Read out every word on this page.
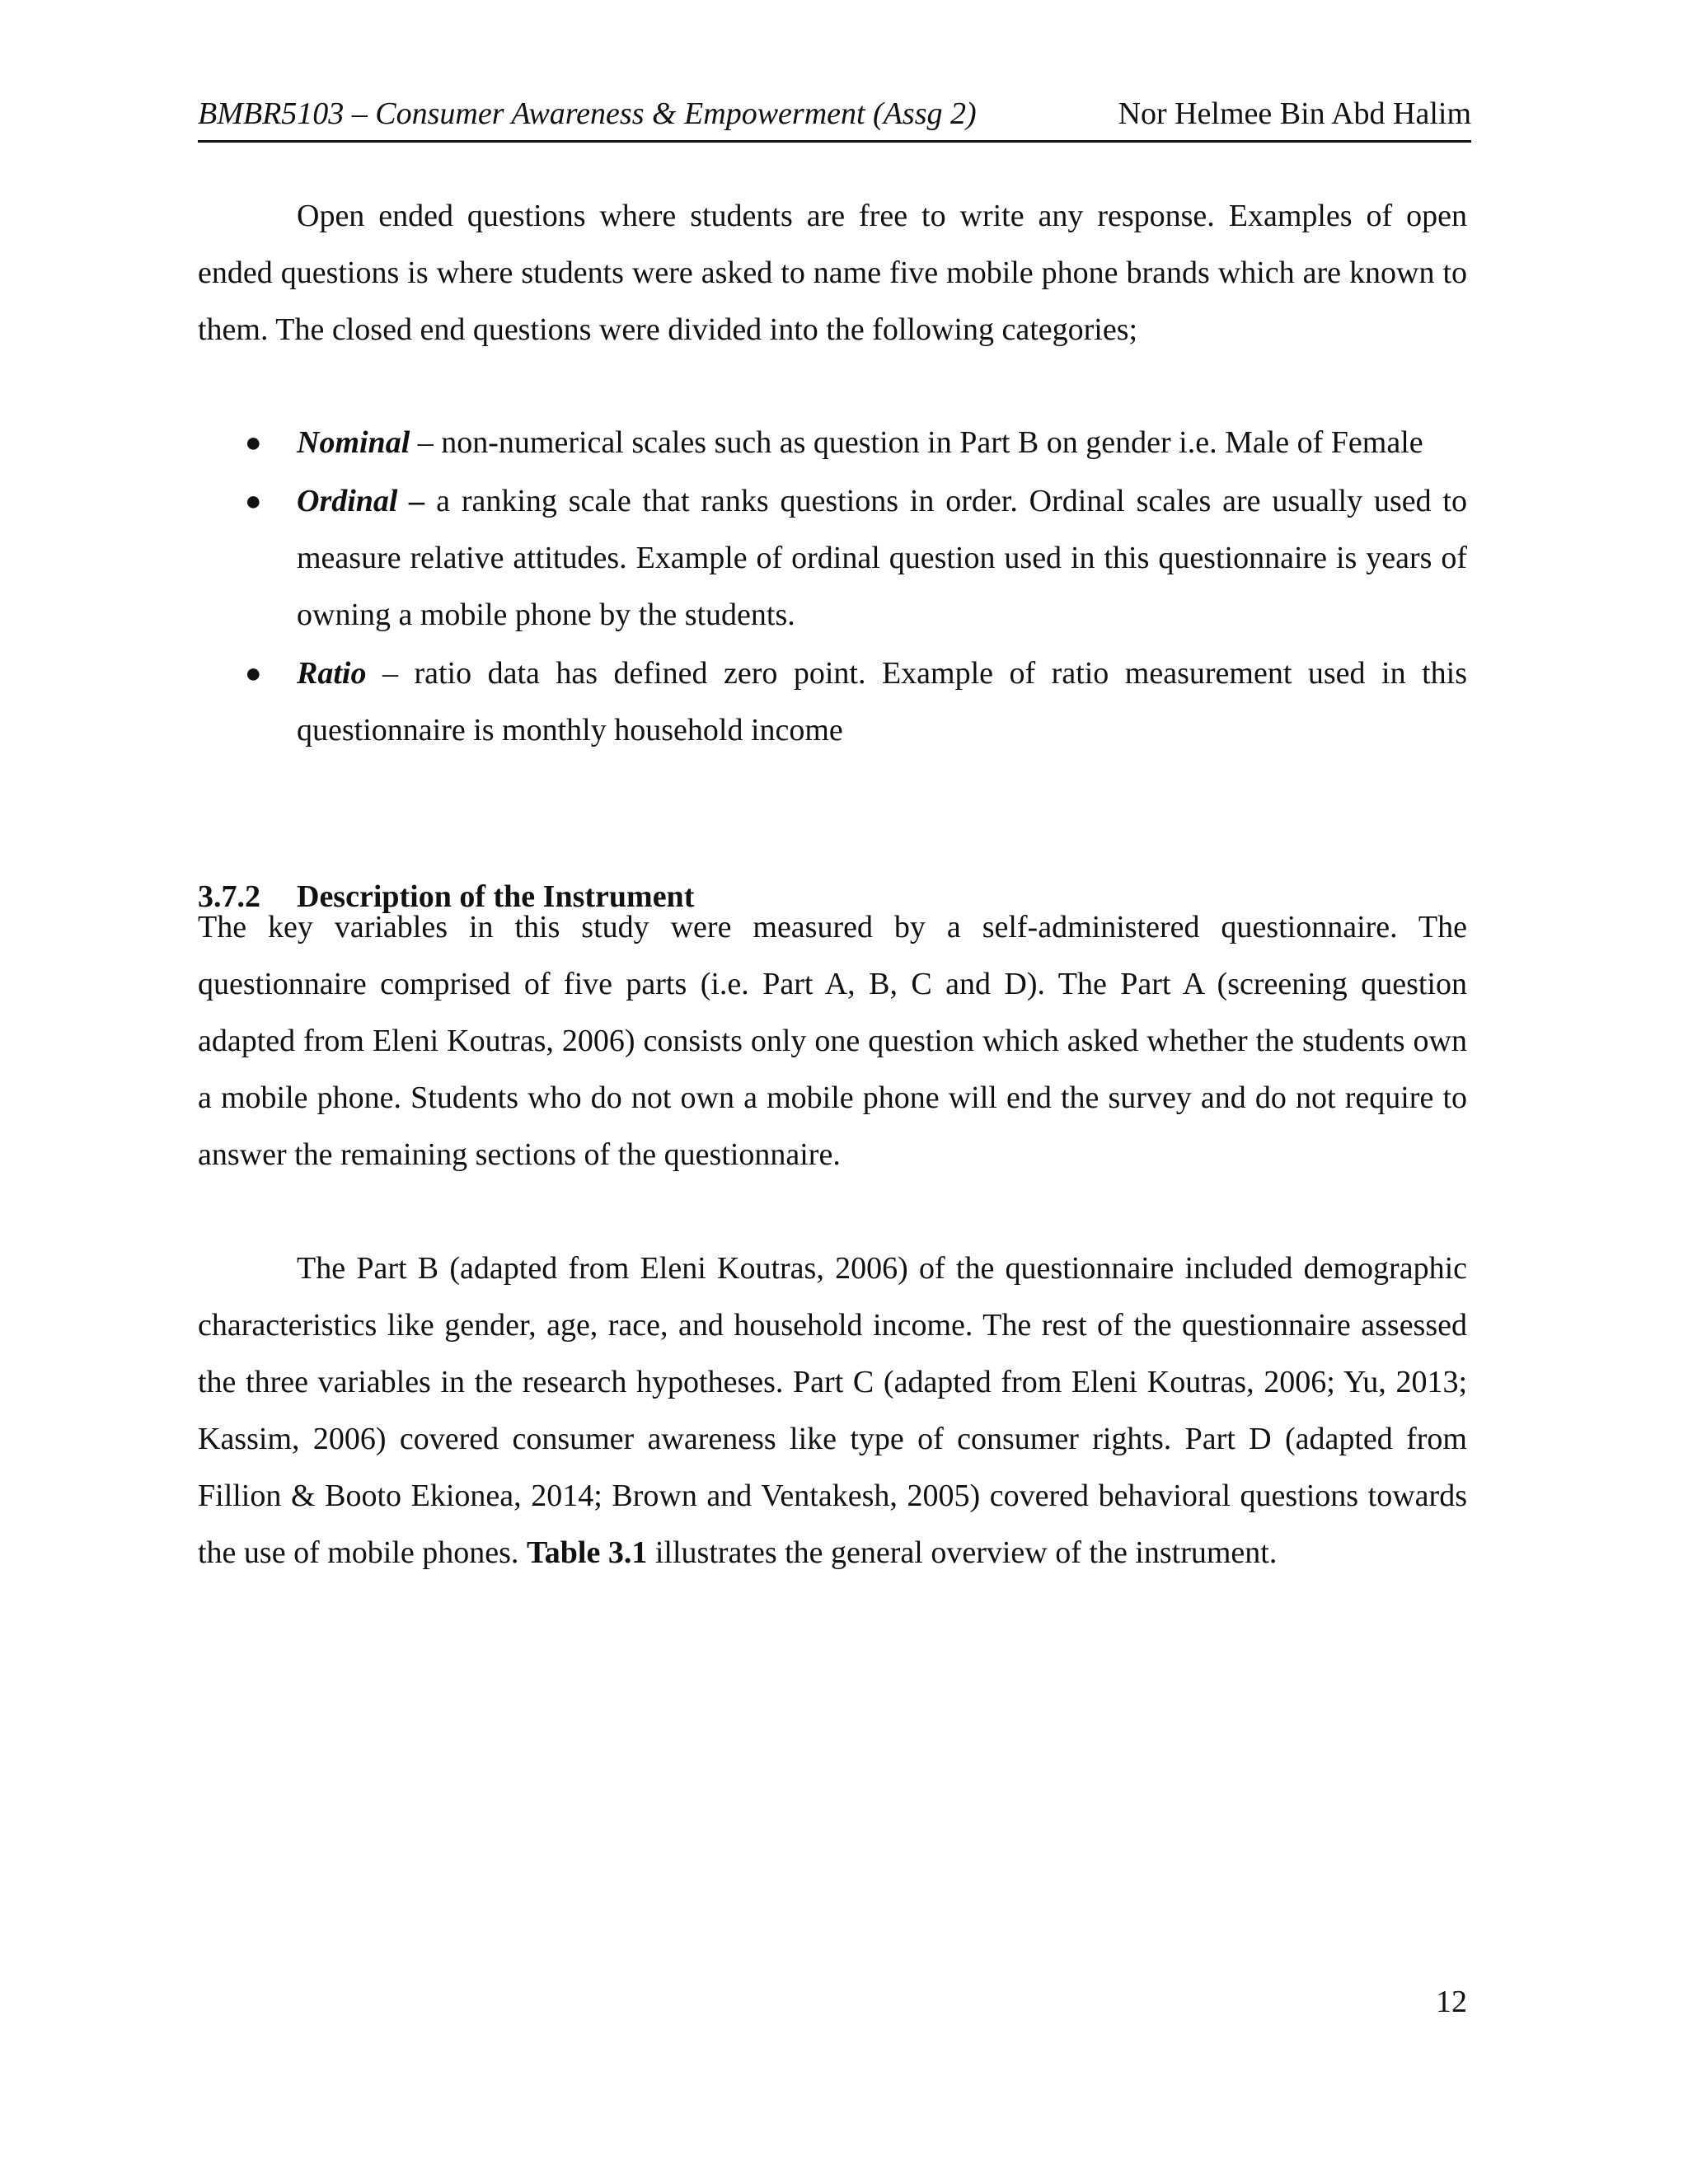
BMBR5103 – Consumer Awareness & Empowerment (Assg 2)	Nor Helmee Bin Abd Halim

Open ended questions where students are free to write any response. Examples of open ended questions is where students were asked to name five mobile phone brands which are known to them. The closed end questions were divided into the following categories;

● Nominal – non-numerical scales such as question in Part B on gender i.e. Male of Female
● Ordinal – a ranking scale that ranks questions in order. Ordinal scales are usually used to measure relative attitudes. Example of ordinal question used in this questionnaire is years of owning a mobile phone by the students.
● Ratio – ratio data has defined zero point. Example of ratio measurement used in this questionnaire is monthly household income
3.7.2 Description of the Instrument

The key variables in this study were measured by a self-administered questionnaire. The questionnaire comprised of five parts (i.e. Part A, B, C and D). The Part A (screening question adapted from Eleni Koutras, 2006) consists only one question which asked whether the students own a mobile phone. Students who do not own a mobile phone will end the survey and do not require to answer the remaining sections of the questionnaire.

The Part B (adapted from Eleni Koutras, 2006) of the questionnaire included demographic characteristics like gender, age, race, and household income. The rest of the questionnaire assessed the three variables in the research hypotheses. Part C (adapted from Eleni Koutras, 2006; Yu, 2013; Kassim, 2006) covered consumer awareness like type of consumer rights. Part D (adapted from Fillion & Booto Ekionea, 2014; Brown and Ventakesh, 2005) covered behavioral questions towards the use of mobile phones. Table 3.1 illustrates the general overview of the instrument.

12
